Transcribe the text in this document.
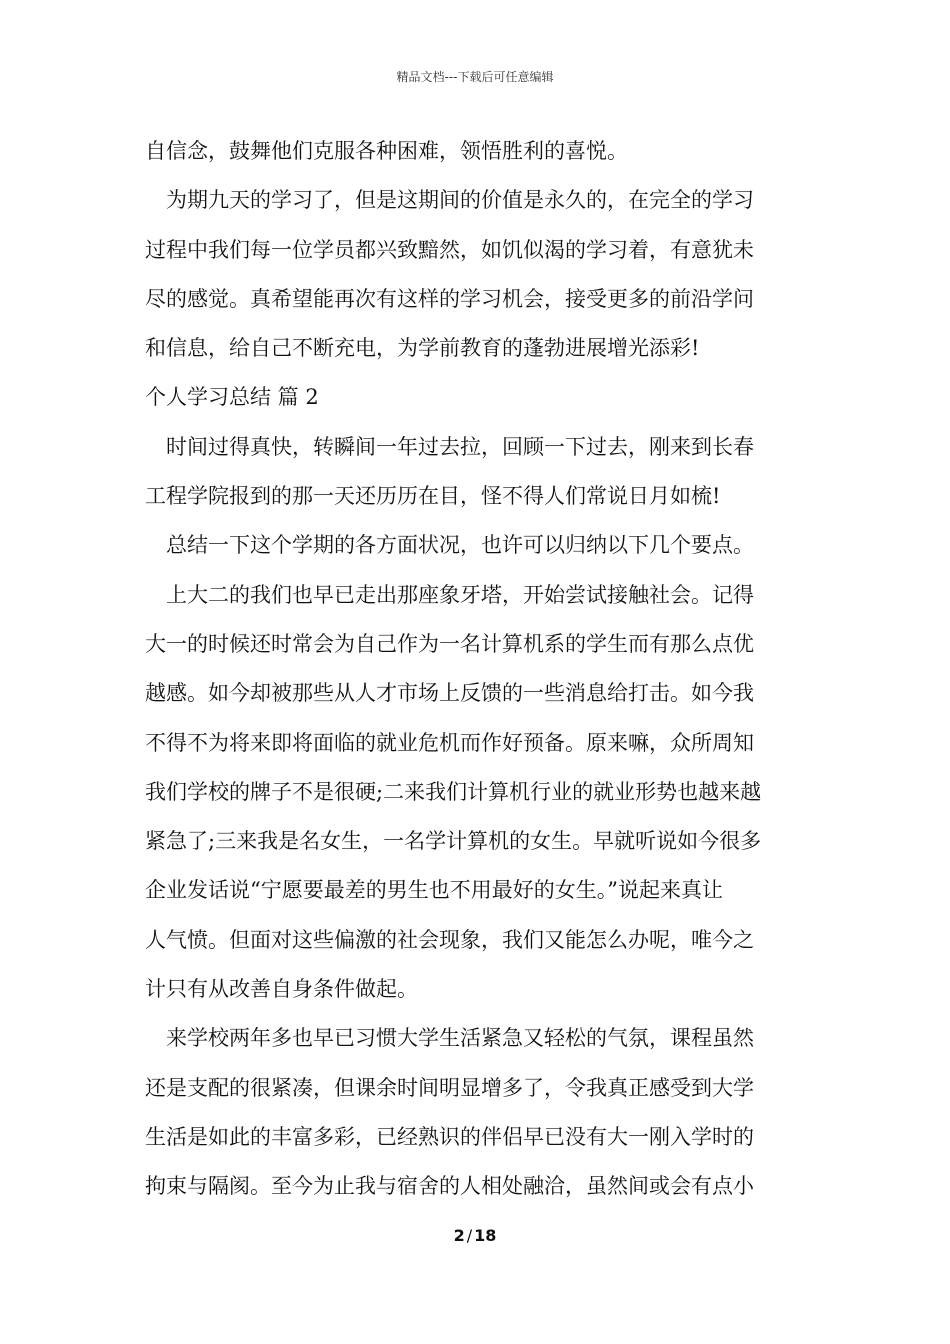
精品文档---下载后可任意编辑
自信念，鼓舞他们克服各种困难，领悟胜利的喜悦。
为期九天的学习了，但是这期间的价值是永久的，在完全的学习
过程中我们每一位学员都兴致黯然，如饥似渴的学习着，有意犹未
尽的感觉。真希望能再次有这样的学习机会，接受更多的前沿学问
和信息，给自己不断充电，为学前教育的蓬勃进展增光添彩!
个人学习总结 篇 2
时间过得真快，转瞬间一年过去拉，回顾一下过去，刚来到长春
工程学院报到的那一天还历历在目，怪不得人们常说日月如梳!
总结一下这个学期的各方面状况，也许可以归纳以下几个要点。
上大二的我们也早已走出那座象牙塔，开始尝试接触社会。记得
大一的时候还时常会为自己作为一名计算机系的学生而有那么点优
越感。如今却被那些从人才市场上反馈的一些消息给打击。如今我
不得不为将来即将面临的就业危机而作好预备。原来嘛，众所周知
我们学校的牌子不是很硬;二来我们计算机行业的就业形势也越来越
紧急了;三来我是名女生，一名学计算机的女生。早就听说如今很多
企业发话说“宁愿要最差的男生也不用最好的女生。”说起来真让
人气愤。但面对这些偏激的社会现象，我们又能怎么办呢，唯今之
计只有从改善自身条件做起。
来学校两年多也早已习惯大学生活紧急又轻松的气氛，课程虽然
还是支配的很紧凑，但课余时间明显增多了，令我真正感受到大学
生活是如此的丰富多彩，已经熟识的伴侣早已没有大一刚入学时的
拘束与隔阂。至今为止我与宿舍的人相处融洽，虽然间或会有点小
2 / 18
